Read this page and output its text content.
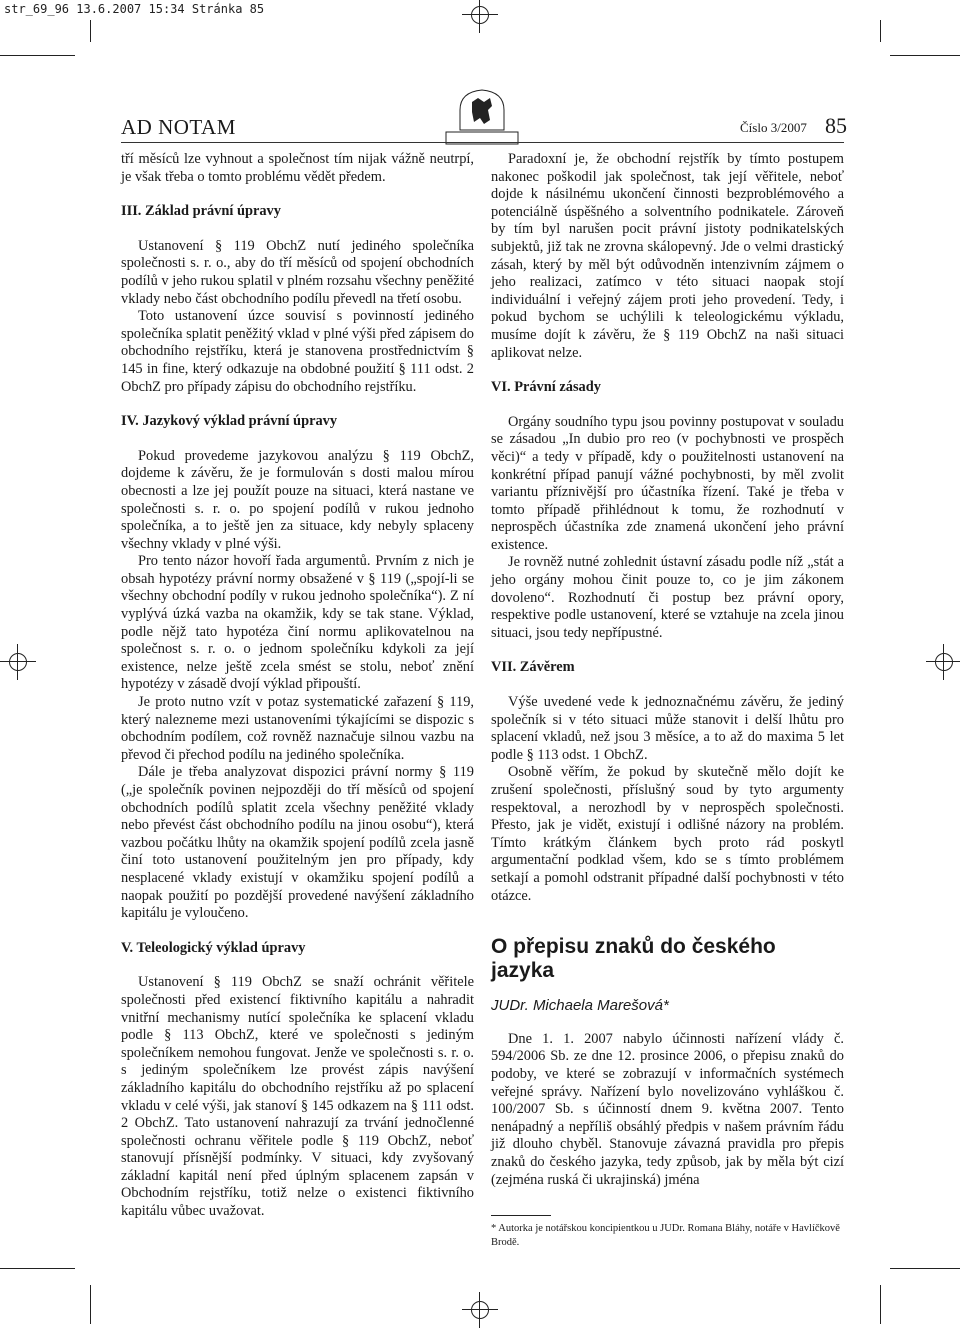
str_69_96 13.6.2007 15:34 Stránka 85
AD NOTAM	Číslo 3/2007 85

tří měsíců lze vyhnout a společnost tím nijak vážně neutrpí, je však třeba o tomto problému vědět předem.

III. Základ právní úpravy

Ustanovení § 119 ObchZ nutí jediného společníka společnosti s. r. o., aby do tří měsíců od spojení obchodních podílů v jeho rukou splatil v plném rozsahu všechny peněžité vklady nebo část obchodního podílu převedl na třetí osobu.

Toto ustanovení úzce souvisí s povinností jediného společníka splatit peněžitý vklad v plné výši před zápisem do obchodního rejstříku, která je stanovena prostřednictvím § 145 in fine, který odkazuje na obdobné použití § 111 odst. 2 ObchZ pro případy zápisu do obchodního rejstříku.

IV. Jazykový výklad právní úpravy

Pokud provedeme jazykovou analýzu § 119 ObchZ, dojdeme k závěru, že je formulován s dosti malou mírou obecnosti a lze jej použít pouze na situaci, která nastane ve společnosti s. r. o. po spojení podílů v rukou jednoho společníka, a to ještě jen za situace, kdy nebyly splaceny všechny vklady v plné výši.

Pro tento názor hovoří řada argumentů. Prvním z nich je obsah hypotézy právní normy obsažené v § 119 („spojí-li se všechny obchodní podíly v rukou jednoho společníka“). Z ní vyplývá úzká vazba na okamžik, kdy se tak stane. Výklad, podle nějž tato hypotéza činí normu aplikovatelnou na společnost s. r. o. o jednom společníku kdykoli za její existence, nelze ještě zcela smést se stolu, neboť znění hypotézy v zásadě dvojí výklad připouští.

Je proto nutno vzít v potaz systematické zařazení § 119, který nalezneme mezi ustanoveními týkajícími se dispozic s obchodním podílem, což rovněž naznačuje silnou vazbu na převod či přechod podílu na jediného společníka.

Dále je třeba analyzovat dispozici právní normy § 119 („je společník povinen nejpozději do tří měsíců od spojení obchodních podílů splatit zcela všechny peněžité vklady nebo převést část obchodního podílu na jinou osobu“), která vazbou počátku lhůty na okamžik spojení podílů zcela jasně činí toto ustanovení použitelným jen pro případy, kdy nesplacené vklady existují v okamžiku spojení podílů a naopak použití po pozdější provedené navýšení základního kapitálu je vyloučeno.

V. Teleologický výklad úpravy

Ustanovení § 119 ObchZ se snaží ochránit věřitele společnosti před existencí fiktivního kapitálu a nahradit vnitřní mechanismy nutící společníka ke splacení vkladu podle § 113 ObchZ, které ve společnosti s jediným společníkem nemohou fungovat. Jenže ve společnosti s. r. o. s jediným společníkem lze provést zápis navýšení základního kapitálu do obchodního rejstříku až po splacení vkladu v celé výši, jak stanoví § 145 odkazem na § 111 odst. 2 ObchZ. Tato ustanovení nahrazují za trvání jednočlenné společnosti ochranu věřitele podle § 119 ObchZ, neboť stanovují přísnější podmínky. V situaci, kdy zvyšovaný základní kapitál není před úplným splacenem zapsán v Obchodním rejstříku, totiž nelze o existenci fiktivního kapitálu vůbec uvažovat.

Paradoxní je, že obchodní rejstřík by tímto postupem nakonec poškodil jak společnost, tak její věřitele, neboť dojde k násilnému ukončení činnosti bezproblémového a potenciálně úspěšného a solventního podnikatele. Zároveň by tím byl narušen pocit právní jistoty podnikatelských subjektů, již tak ne zrovna skálopevný. Jde o velmi drastický zásah, který by měl být odůvodněn intenzivním zájmem o jeho realizaci, zatímco v této situaci naopak stojí individuální i veřejný zájem proti jeho provedení. Tedy, i pokud bychom se uchýlili k teleologickému výkladu, musíme dojít k závěru, že § 119 ObchZ na naši situaci aplikovat nelze.

VI. Právní zásady

Orgány soudního typu jsou povinny postupovat v souladu se zásadou „In dubio pro reo (v pochybnosti ve prospěch věci)“ a tedy v případě, kdy o použitelnosti ustanovení na konkrétní případ panují vážné pochybnosti, by měl zvolit variantu příznivější pro účastníka řízení. Také je třeba v tomto případě přihlédnout k tomu, že rozhodnutí v neprospěch účastníka zde znamená ukončení jeho právní existence.

Je rovněž nutné zohlednit ústavní zásadu podle níž „stát a jeho orgány mohou činit pouze to, co je jim zákonem dovoleno“. Rozhodnutí či postup bez právní opory, respektive podle ustanovení, které se vztahuje na zcela jinou situaci, jsou tedy nepřípustné.

VII. Závěrem

Výše uvedené vede k jednoznačnému závěru, že jediný společník si v této situaci může stanovit i delší lhůtu pro splacení vkladů, než jsou 3 měsíce, a to až do maxima 5 let podle § 113 odst. 1 ObchZ.

Osobně věřím, že pokud by skutečně mělo dojít ke zrušení společnosti, příslušný soud by tyto argumenty respektoval, a nerozhodl by v neprospěch společnosti. Přesto, jak je vidět, existují i odlišné názory na problém. Tímto krátkým článkem bych proto rád poskytl argumentační podklad všem, kdo se s tímto problémem setkají a pomohl odstranit případné další pochybnosti v této otázce.

O přepisu znaků do českého jazyka
JUDr. Michaela Marešová*

Dne 1. 1. 2007 nabylo účinnosti nařízení vlády č. 594/2006 Sb. ze dne 12. prosince 2006, o přepisu znaků do podoby, ve které se zobrazují v informačních systémech veřejné správy. Nařízení bylo novelizováno vyhláškou č. 100/2007 Sb. s účinností dnem 9. května 2007. Tento nenápadný a nepříliš obsáhlý předpis v našem právním řádu již dlouho chyběl. Stanovuje závazná pravidla pro přepis znaků do českého jazyka, tedy způsob, jak by měla být cizí (zejména ruská či ukrajinská) jména

* Autorka je notářskou koncipientkou u JUDr. Romana Bláhy, notáře v Havlíčkově Brodě.
